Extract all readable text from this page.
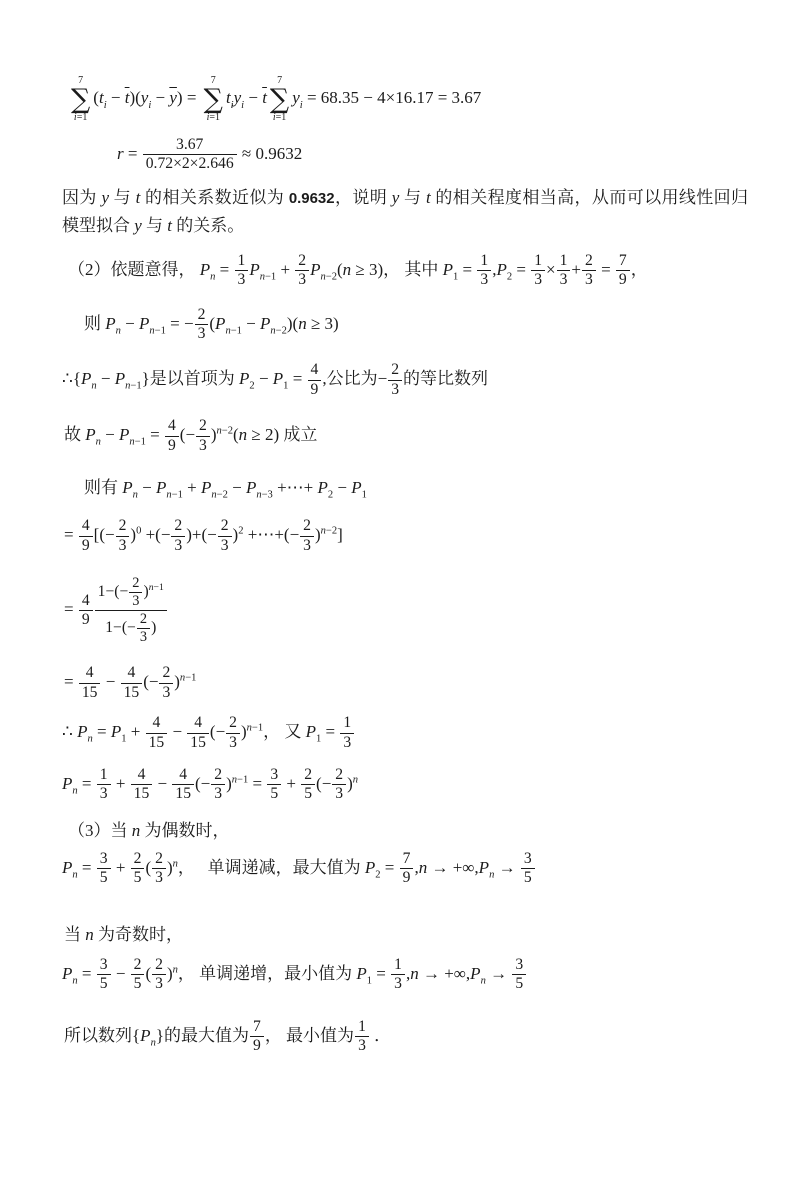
7
∑
i=1
$(t_i - \overline{t})(y_i - \overline{y})$ =
7
∑
i=1
$t_iy_i - \overline{t}$
7
∑
i=1
$y_i = 68.35 - 4\times 16.17 = 3.67$
$r = \frac{3.67}{0.72\times 2\times 2.646} \approx 0.9632$
因为 y 与 t 的相关系数近似为 0.9632，说明 y 与 t 的相关程度相当高，从而可以用线性回归模型拟合 y 与 t 的关系。
（2）依题意得， $P_n = \frac{1}{3} P_{n-1} + \frac{2}{3} P_{n-2}(n \ge 3)$， 其中 $P_1 = \frac{1}{3} ,P_2 = \frac{1}{3} \times \frac{1}{3} + \frac{2}{3} = \frac{7}{9}$ ，
则 $P_n - P_{n-1}$ = − $\frac{2}{3} (P_{n-1} - P_{n-2})(n \ge 3)$
$\therefore\{P_n - P_{n-1}\}$是以首项为 $P_2 - P_1 = \frac{4}{9}$ ,公比为− $\frac{2}{3}$ 的等比数列
故 $P_n - P_{n-1} = \frac{4}{9}$ (− $\frac{2}{3} )^{n-2}(n \ge 2)$ 成立
则有 $P_n - P_{n-1} + P_{n-2} - P_{n-3}$ +⋯+ $P_2 - P_1$
= $\frac{4}{9}$ [(− $\frac{2}{3} )^0$ +(− $\frac{2}{3}$ )+(− $\frac{2}{3} )^2$ +⋯+(− $\frac{2}{3} )^{n-2}$]
= $\frac{4}{9} \frac{1-(- \frac{2}{3} )^{n-1}}{1-(- \frac{2}{3} )}$
= $\frac{4}{15} - \frac{4}{15}$ (− $\frac{2}{3} )^{n-1}$
∴ $P_n = P_1 + \frac{4}{15} - \frac{4}{15}$ (− $\frac{2}{3} )^{n-1}$， 又 $P_1 = \frac{1}{3}$
$P_n = \frac{1}{3} + \frac{4}{15} - \frac{4}{15}$ (− $\frac{2}{3} )^{n-1} = \frac{3}{5} + \frac{2}{5}$ (− $\frac{2}{3} )^n$
（3）当 n 为偶数时，
$P_n = \frac{3}{5} + \frac{2}{5}$ ( $\frac{2}{3} )^n$，　 单调递减，最大值为 $P_2 = \frac{7}{9} ,n \to +\infty,P_n \to \frac{3}{5}$
当 n 为奇数时，
$P_n = \frac{3}{5} - \frac{2}{5}$ ( $\frac{2}{3} )^n$， 单调递增，最小值为 $P_1 = \frac{1}{3} ,n \to +\infty,P_n \to \frac{3}{5}$
所以数列$\{P_n\}$的最大值为 $\frac{7}{9}$ ， 最小值为 $\frac{1}{3}$ ．
